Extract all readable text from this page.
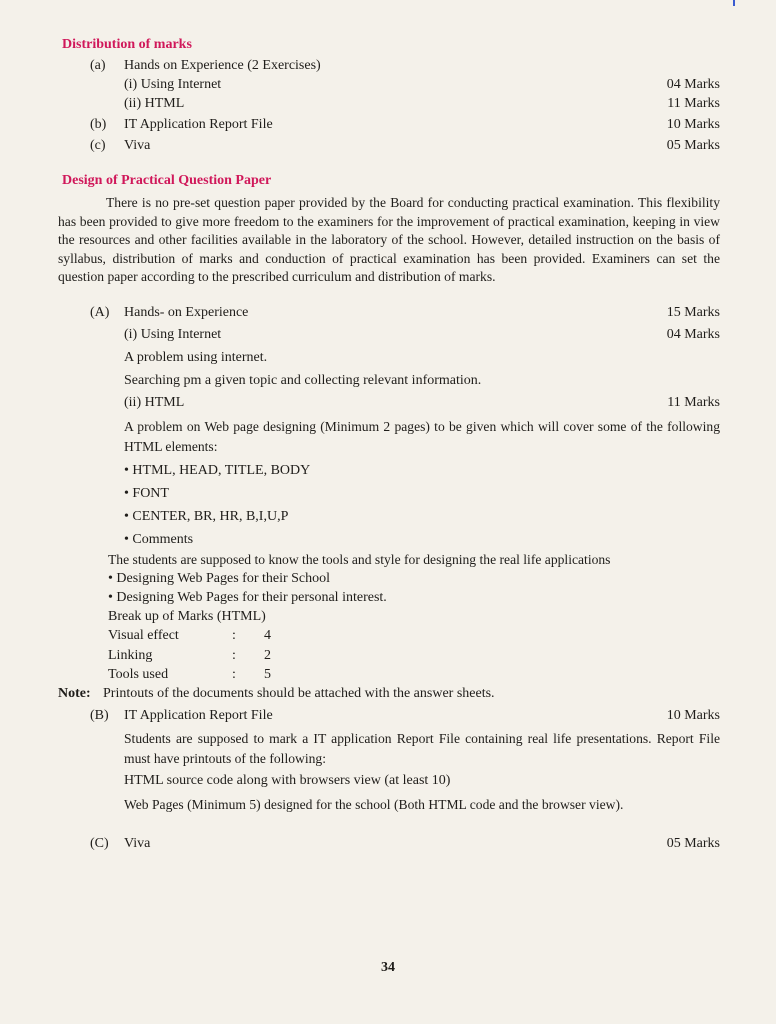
Distribution of marks
(a) Hands on Experience (2 Exercises)
(i) Using Internet	04 Marks
(ii) HTML	11 Marks
(b) IT Application Report File	10 Marks
(c) Viva	05 Marks
Design of Practical Question Paper
There is no pre-set question paper provided by the Board for conducting practical examination. This flexibility has been provided to give more freedom to the examiners for the improvement of practical examination, keeping in view the resources and other facilities available in the laboratory of the school. However, detailed instruction on the basis of syllabus, distribution of marks and conduction of practical examination has been provided. Examiners can set the question paper according to the prescribed curriculum and distribution of marks.
(A) Hands- on Experience	15 Marks
(i) Using Internet	04 Marks
A problem using internet.
Searching pm a given topic and collecting relevant information.
(ii) HTML	11 Marks
A problem on Web page designing (Minimum 2 pages) to be given which will cover some of the following HTML elements:
• HTML, HEAD, TITLE, BODY
• FONT
• CENTER, BR, HR, B,I,U,P
• Comments
The students are supposed to know the tools and style for designing the real life applications
• Designing Web Pages for their School
• Designing Web Pages for their personal interest.
Break up of Marks (HTML)
Visual effect	: 4
Linking	: 2
Tools used	: 5
Note: Printouts of the documents should be attached with the answer sheets.
(B) IT Application Report File	10 Marks
Students are supposed to mark a IT application Report File containing real life presentations. Report File must have printouts of the following:
HTML source code along with browsers view (at least 10)
Web Pages (Minimum 5) designed for the school (Both HTML code and the browser view).
(C) Viva	05 Marks
34
